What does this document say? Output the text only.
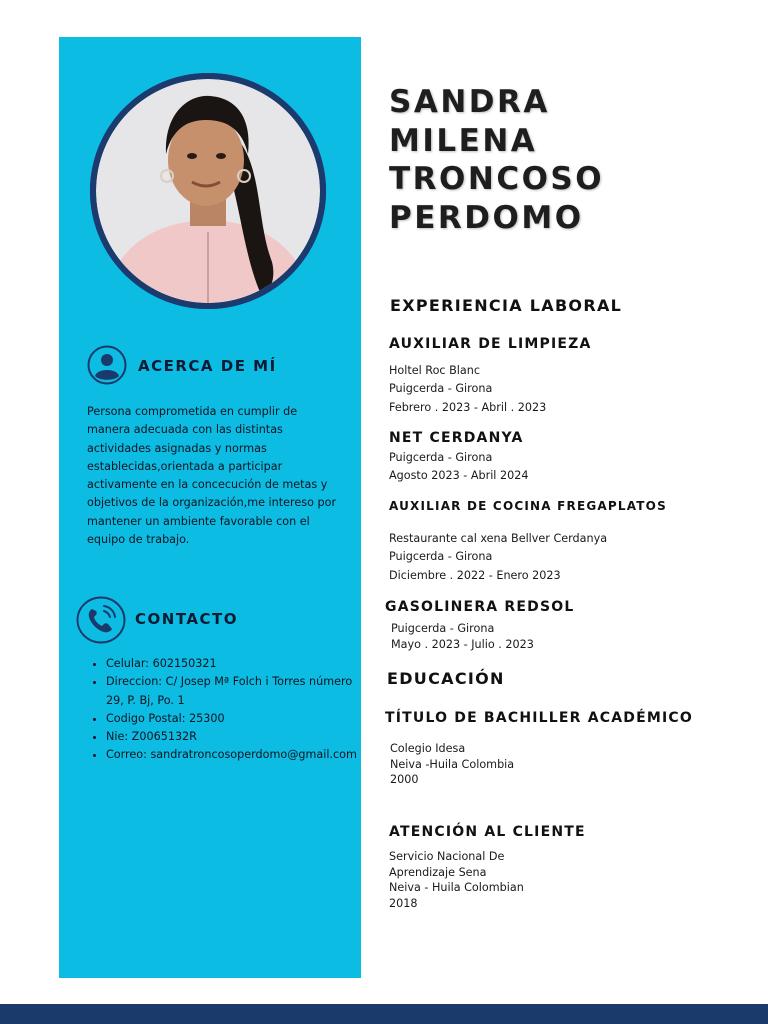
ACERCA DE MÍ

Persona comprometida en cumplir de manera adecuada con las distintas actividades asignadas y normas establecidas,orientada a participar activamente en la concecución de metas y objetivos de la organización,me intereso por mantener un ambiente favorable con el equipo de trabajo.

CONTACTO
• Celular: 602150321
• Direccion: C/ Josep Mª Folch i Torres número 29, P. Bj, Po. 1
• Codigo Postal: 25300
• Nie: Z0065132R
• Correo: sandratroncosoperdomo@gmail.com
SANDRA
MILENA
TRONCOSO
PERDOMO
EXPERIENCIA LABORAL
AUXILIAR DE LIMPIEZA
Holtel Roc Blanc
Puigcerda - Girona
Febrero . 2023 - Abril . 2023
NET CERDANYA
Puigcerda - Girona
Agosto 2023 - Abril 2024
AUXILIAR DE COCINA FREGAPLATOS
Restaurante cal xena Bellver Cerdanya
Puigcerda - Girona
Diciembre . 2022 - Enero 2023
GASOLINERA REDSOL
Puigcerda - Girona
Mayo . 2023 - Julio . 2023
EDUCACIÓN
TÍTULO DE BACHILLER ACADÉMICO
Colegio Idesa
Neiva -Huila Colombia
2000
ATENCIÓN AL CLIENTE
Servicio Nacional De
Aprendizaje Sena
Neiva - Huila Colombian
2018
